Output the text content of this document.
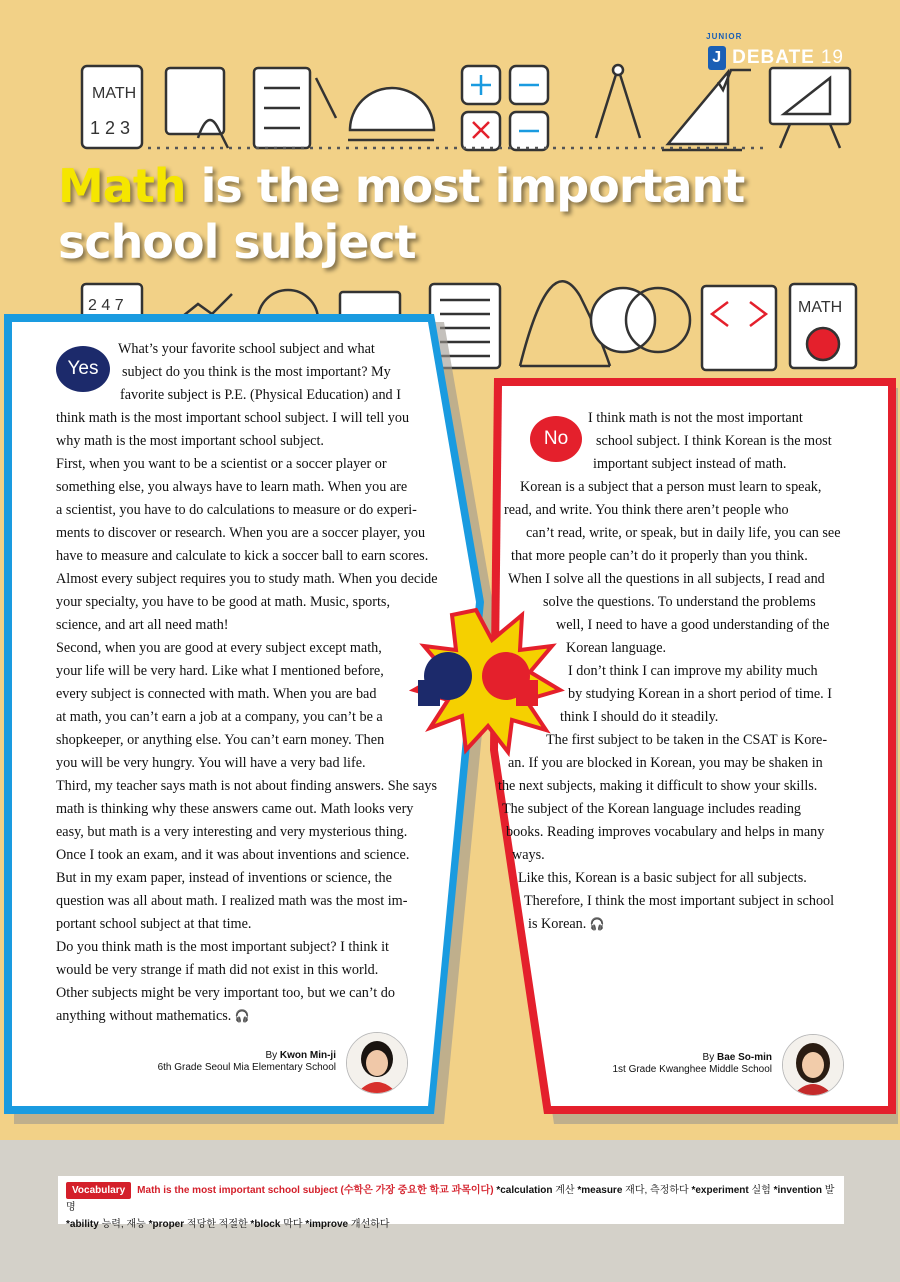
JUNIOR
J DEBATE 19
MATH
1 2 3
Math is the most important
school subject
2 4 7	MATH
Yes

What’s your favorite school subject and what

subject do you think is the most important? My

favorite subject is P.E. (Physical Education) and I

think math is the most important school subject. I will tell you

why math is the most important school subject.

First, when you want to be a scientist or a soccer player or

something else, you always have to learn math. When you are

a scientist, you have to do calculations to measure or do experi-

ments to discover or research. When you are a soccer player, you

have to measure and calculate to kick a soccer ball to earn scores.

Almost every subject requires you to study math. When you decide

your specialty, you have to be good at math. Music, sports,

science, and art all need math!

Second, when you are good at every subject except math,

your life will be very hard. Like what I mentioned before,

every subject is connected with math. When you are bad

at math, you can’t earn a job at a company, you can’t be a

shopkeeper, or anything else. You can’t earn money. Then

you will be very hungry. You will have a very bad life.

Third, my teacher says math is not about finding answers. She says

math is thinking why these answers came out. Math looks very

easy, but math is a very interesting and very mysterious thing.

Once I took an exam, and it was about inventions and science.

But in my exam paper, instead of inventions or science, the

question was all about math. I realized math was the most im-

portant school subject at that time.

Do you think math is the most important subject? I think it

would be very strange if math did not exist in this world.

Other subjects might be very important too, but we can’t do

anything without mathematics. 🎧

By Kwon Min-ji
6th Grade Seoul Mia Elementary School
No

I think math is not the most important

school subject. I think Korean is the most

important subject instead of math.

Korean is a subject that a person must learn to speak,

read, and write. You think there aren’t people who

can’t read, write, or speak, but in daily life, you can see

that more people can’t do it properly than you think.

When I solve all the questions in all subjects, I read and

solve the questions. To understand the problems

well, I need to have a good understanding of the

Korean language.

I don’t think I can improve my ability much

by studying Korean in a short period of time. I

think I should do it steadily.

The first subject to be taken in the CSAT is Kore-

an. If you are blocked in Korean, you may be shaken in

the next subjects, making it difficult to show your skills.

The subject of the Korean language includes reading

books. Reading improves vocabulary and helps in many

ways.

Like this, Korean is a basic subject for all subjects.

Therefore, I think the most important subject in school

is Korean. 🎧

By Bae So-min
1st Grade Kwanghee Middle School
Vocabulary Math is the most important school subject (수학은 가장 중요한 학교 과목이다) *calculation 계산 *measure 재다, 측정하다 *experiment 실험 *invention 발명
*ability 능력, 재능 *proper 적당한 적절한 *block 막다 *improve 개선하다
